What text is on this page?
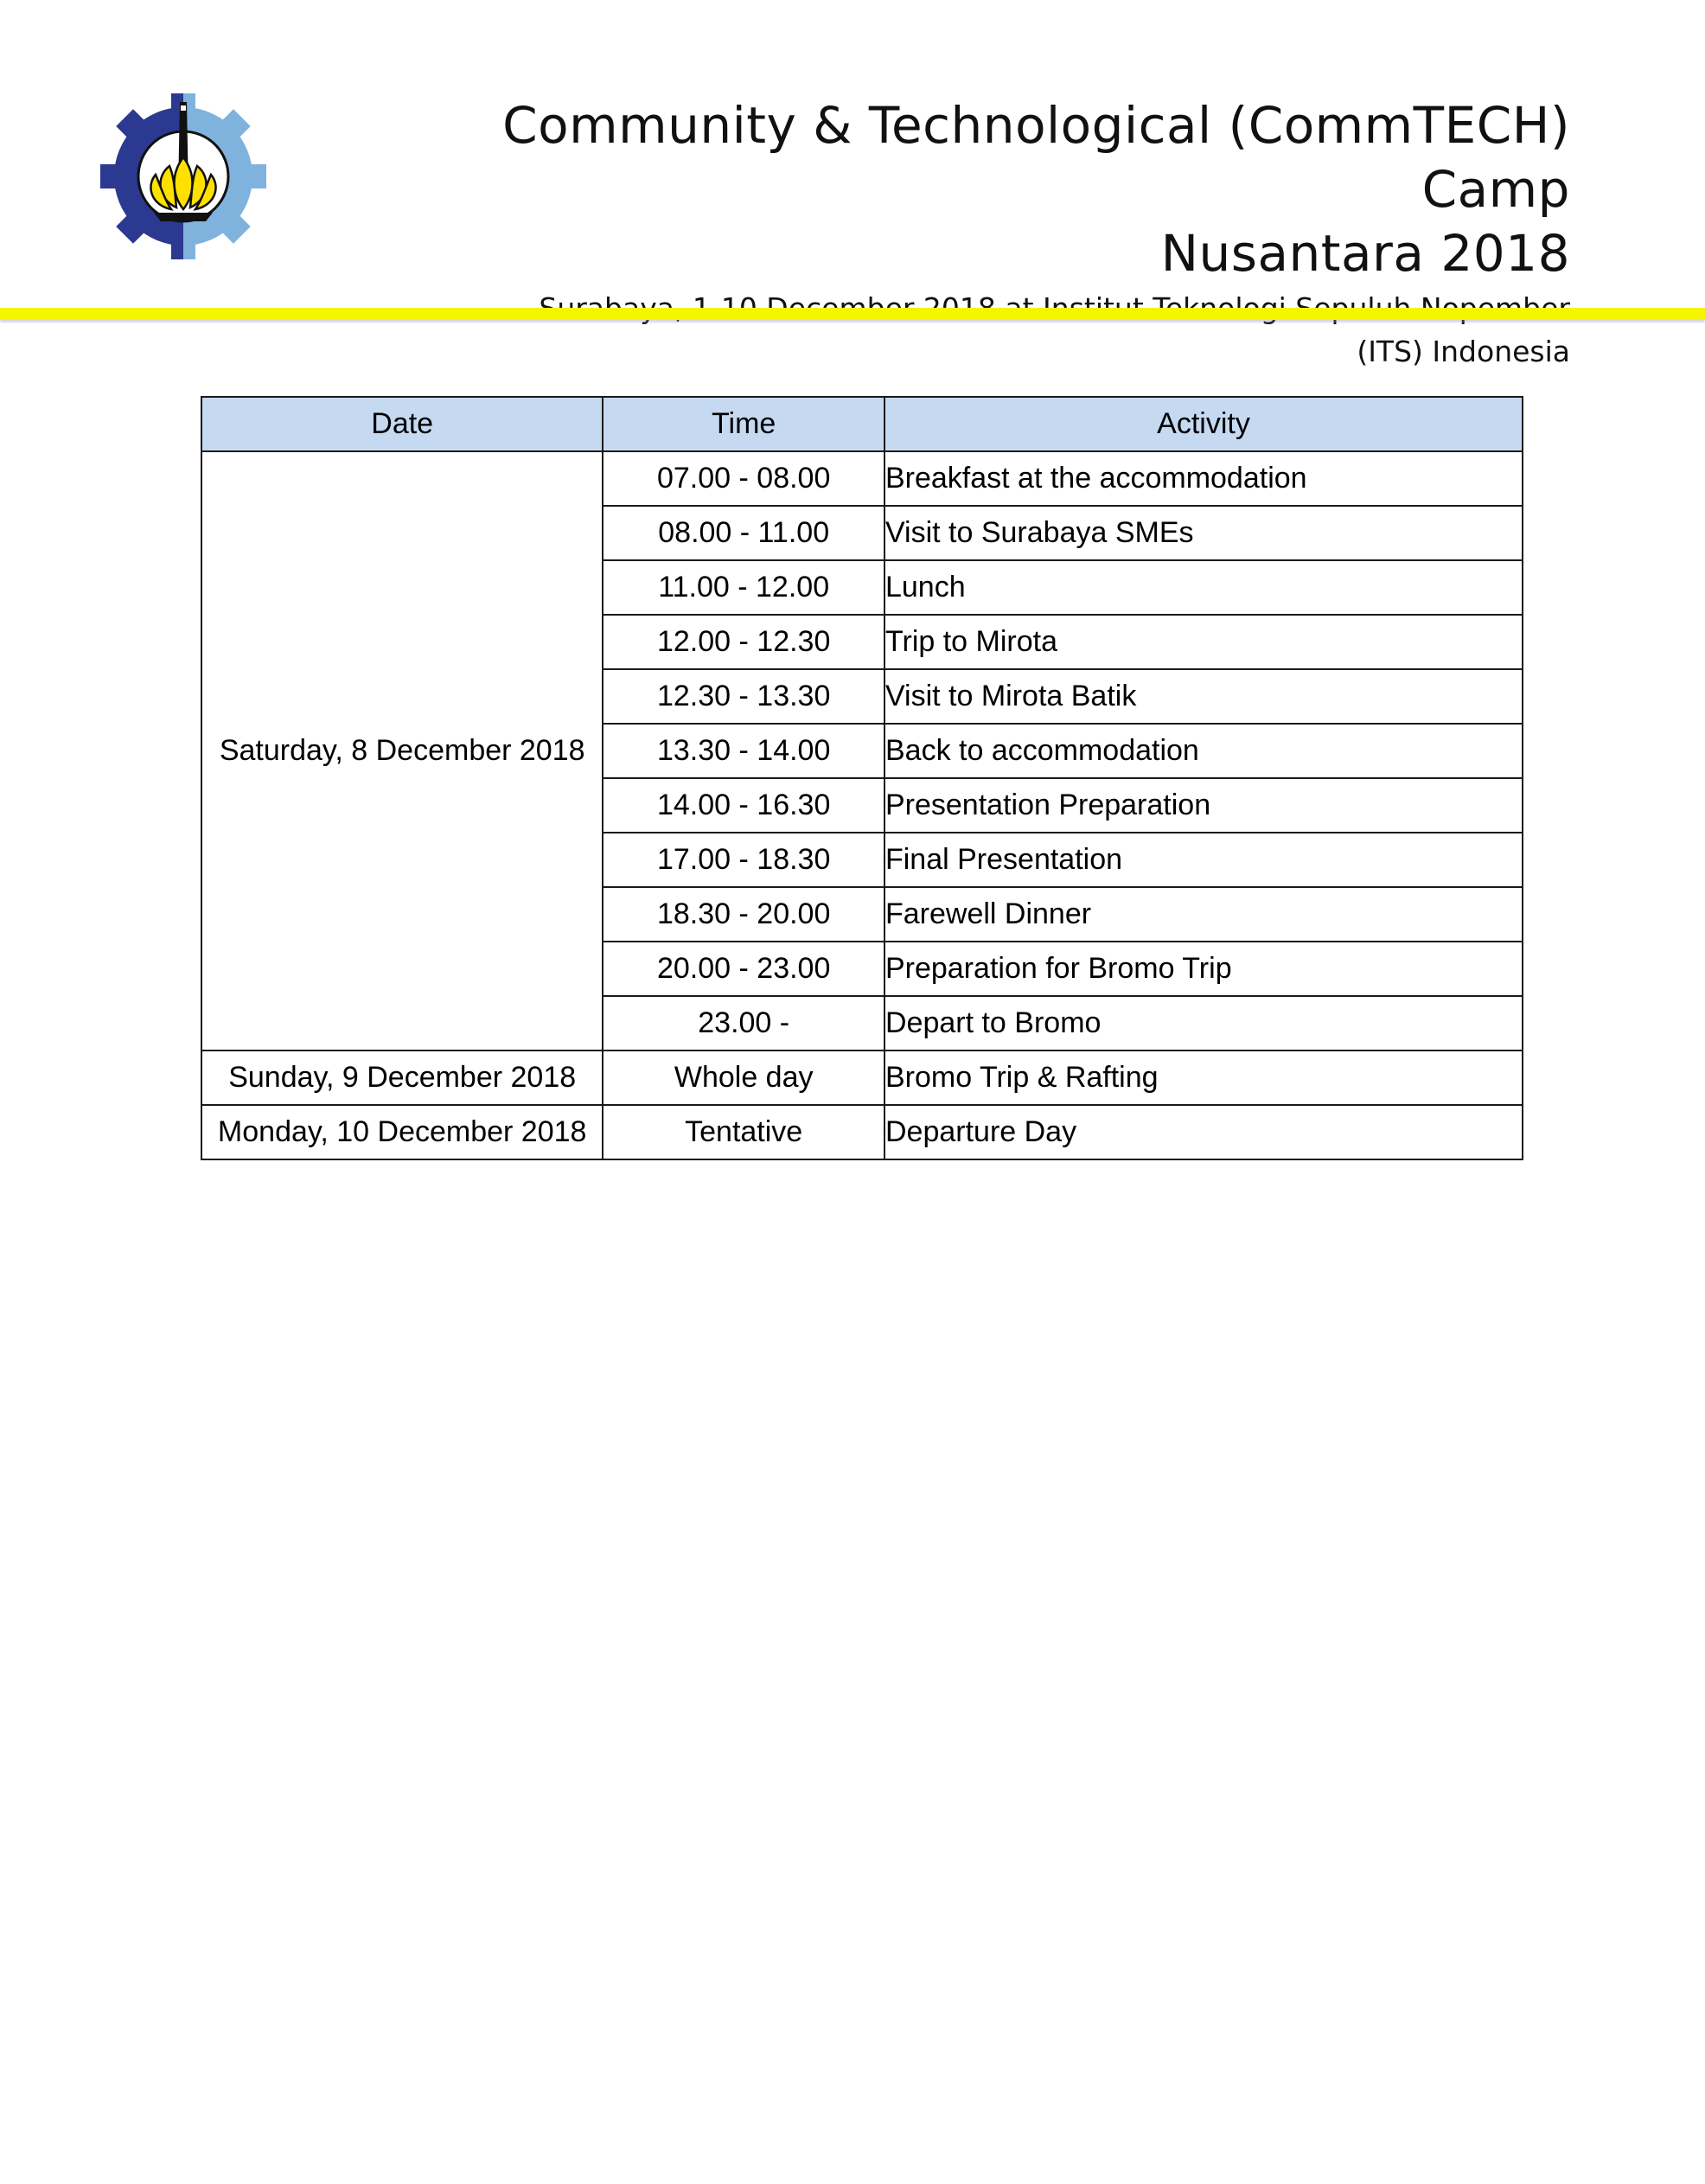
Community & Technological (CommTECH) Camp
Nusantara 2018
(ITS) Indonesia
Date	Time	Activity
Saturday, 8 December 2018	07.00 - 08.00	Breakfast at the accommodation
	08.00 - 11.00	Visit to Surabaya SMEs
	11.00 - 12.00	Lunch
	12.00 - 12.30	Trip to Mirota
	12.30 - 13.30	Visit to Mirota Batik
	13.30 - 14.00	Back to accommodation
	14.00 - 16.30	Presentation Preparation
	17.00 - 18.30	Final Presentation
	18.30 - 20.00	Farewell Dinner
	20.00 - 23.00	Preparation for Bromo Trip
	23.00 -	Depart to Bromo
Sunday, 9 December 2018	Whole day	Bromo Trip & Rafting
Monday, 10 December 2018	Tentative	Departure Day
